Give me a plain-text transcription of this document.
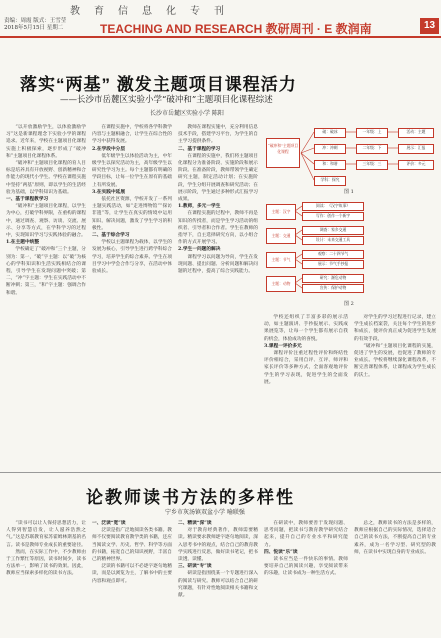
教育信息化专刊
责编：周霞 版式：王雪莹
2018年5月15日 星期二	TEACHING AND RESEARCH 教研周刊 · E 教润南	13
落实“两基” 激发主题项目课程活力
——长沙市岳麓区实验小学“破冲和”主题项目化课程综述
长沙市岳麓区实验小学 陈阳

“以开放激励学生，以体验激励学习”这是新课程理念下实验小学的课程追求。近年来，学校在主题项目化课程实施上积极探索，逐步形成了“破冲和”主题项目化课程体系。

“破冲和”主题项目化课程的育人目标是培养具有开放视野、创新精神和合作能力的现代小学生。学校在课程实施中坚持“两基”原则，即以学生的生活经验为基础，以学科知识为基础。

一、基于课程教学习

“破冲和”主题项目化课程，以学生为中心，打破学科界限，在重构的课程中，通过调查、观察、访谈、交流、展示、分享等方式，在学科学习的过程中，实现知识学习与实践体验的融合。

1.在主题中统整

学校确定了“破冲和”三个主题，分别为：第一，“破”字主题：以“破”为核心的学科知识和生活实践相结合的课程，引导学生在发现问题中突破；第二，“冲”字主题：学生在实践活动中不断冲刺；第三，“和”字主题：强调合作和谐。

在课程实施中，学校将各学科教学内容与主题相融合，让学生在综合性的学习中获得发展。

2.在学段中分层

低年级学生以体验活动为主，中年级学生以探究活动为主，高年级学生以研究性学习为主。每个主题都有明确的学段目标，让每一位学生在原有的基础上有所发展。

3.在实践中延展

依托社区资源，学校开发了一系列主题实践活动，如“走进博物馆”“探访非遗”等，让学生在真实的情境中运用知识、解决问题，激发了学生学习的积极性。

二、基于综合学习

学校以主题课程为载体，以学生的发展为核心，引导学生进行跨学科综合学习，培养学生的综合素养。学生在项目学习中学会合作与分享，在活动中体验成长。

教师在课程实施中，充分利用信息技术手段，搭建学习平台，为学生的自主学习提供条件。

二、基于课程的学习

在课程的实施中，我们将主题项目化课程分为准备阶段、实施阶段和展示阶段。在准备阶段，教师带领学生确定研究主题，制定活动计划；在实施阶段，学生分组开展调查和研究活动；在展示阶段，学生通过多种形式汇报学习成果。

1.教师，多元一学生

在课程实施的过程中，教师不再是知识的传授者，而是学生学习活动的组织者、引导者和合作者。学生在教师的指导下，自主选择研究方向，以小组合作的方式开展学习。

2.学生一问题的解决

课程学习以问题为导向，学生在发现问题、提出问题、分析问题和解决问题的过程中，提高了综合实践能力。

学校还组织了丰富多彩的展示活动，如主题演讲、手抄报展示、实践成果展览等，让每一个学生都有展示自我的机会，体验成功的喜悦。

3.课程一评价多元

课程评价注重过程性评价和终结性评价相结合，采用自评、互评、师评和家长评价等多种方式，全面客观地评价学生的学习表现，促进学生的全面发展。

对学生的学习过程进行记录，建立学生成长档案袋，关注每个学生的进步和成长，使评价真正成为促进学生发展的有效手段。

“破冲和”主题项目化课程的实施，促进了学生的发展，也促进了教师的专业成长。学校将继续深化课程改革，不断完善课程体系，让课程成为学生成长的沃土。

“破冲和”主题项目化课程
破：破冰
冲：冲刺
和：和谐
学科：探究
一年级：上
二年级：下
三年级：三
活动：主题
展示：汇报
评价：多元
图 1
主题：汉字
阅读：《汉字故事》
写作：创作一个新字
主题：交通
调查：家乡交通
设计：未来交通工具
主题：节气
观察：二十四节气
展示：节气手抄报
主题：动物
研究：濒危动物
宣传：保护动物
图 2
论教师读书方法的多样性
宁乡市灰汤镇双盆小学 喻联强

“读书可以让人保持思想活力，让人得到智慧启发，让人滋养浩然之气。”这是苏联教育家苏霍姆林斯基的名言。读书是教师专业成长的重要途径。

然而，在实际工作中，不少教师由于工作繁忙等原因，读书时间少，读书方法单一，影响了读书的效果。因此，教师应当探索多样化的读书方法。

一、泛读“宽”读

泛读是指广泛地阅读各类书籍。教师不仅要阅读教育教学类的书籍，还应当阅读文学、历史、哲学、科学等方面的书籍，拓宽自己的知识视野，丰富自己的精神世界。

泛读的书籍可以不必逐字逐句地精读，而是以浏览为主，了解书中的主要内容和观点即可。

二、精读“深”读

对于教育经典著作，教师需要精读。精读要求教师逐字逐句地阅读，深入思考书中的观点，结合自己的教育教学实践进行反思，做好读书笔记，把书读透、读懂。

三、研读“专”读

研读是指围绕某一个专题进行深入的阅读与研究。教师可以结合自己的研究课题，有针对性地阅读相关书籍和文献。

在研读中，教师要善于发现问题、思考问题，把读书与教育教学研究结合起来，提升自己的专业水平和研究能力。

四、悦读“乐”读

读书应当是一件快乐的事情。教师要培养自己的阅读兴趣，享受阅读带来的乐趣，让读书成为一种生活方式。

总之，教师读书的方法是多样的，教师应根据自己的实际情况，选择适合自己的读书方法，不断提高自己的专业素养，成为一名学习型、研究型的教师，在读书中实现自身的专业成长。
